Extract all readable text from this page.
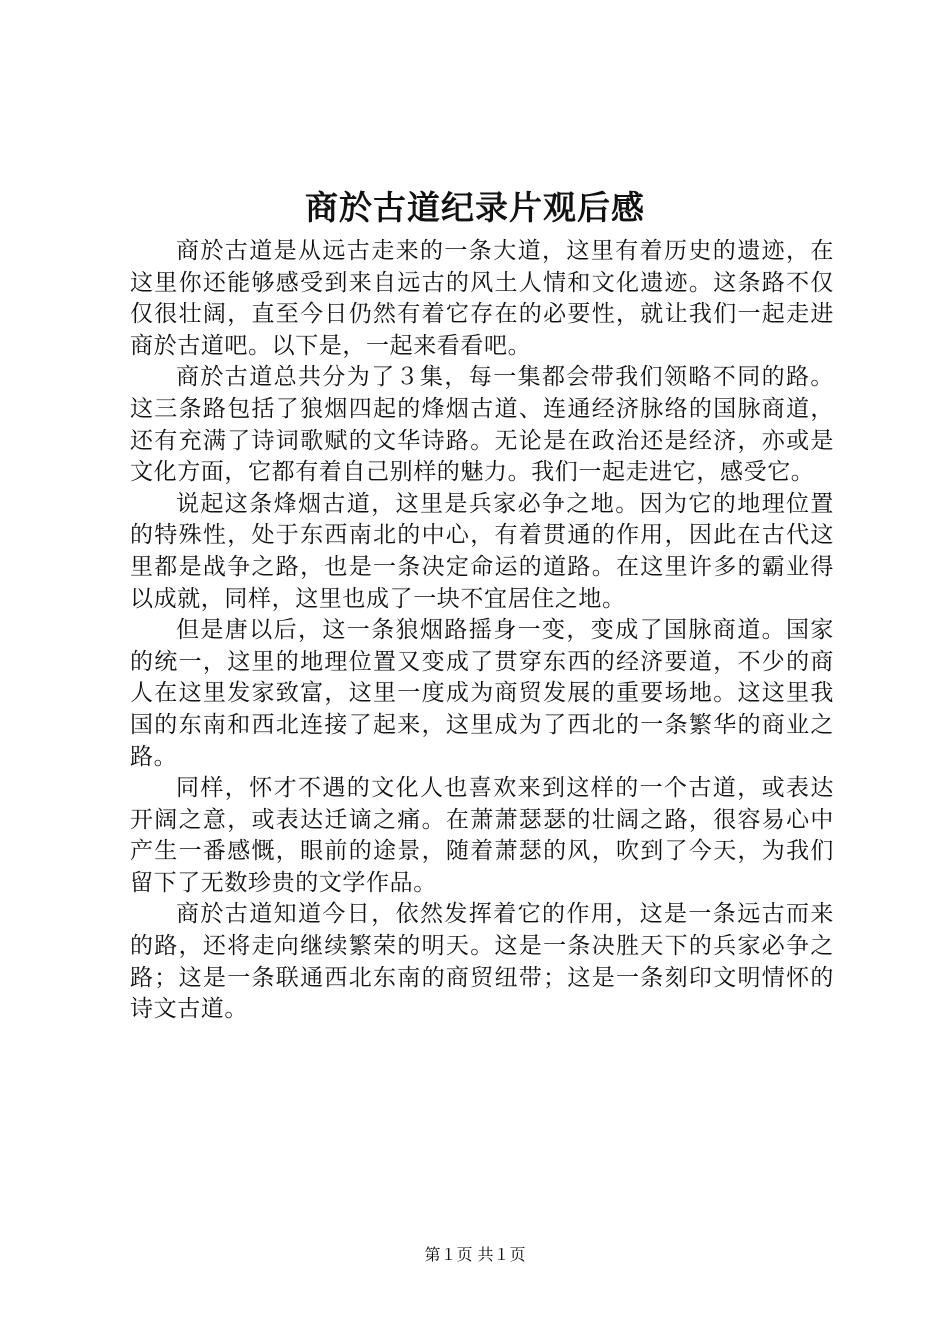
商於古道纪录片观后感

商於古道是从远古走来的一条大道，这里有着历史的遗迹，在这里你还能够感受到来自远古的风土人情和文化遗迹。这条路不仅仅很壮阔，直至今日仍然有着它存在的必要性，就让我们一起走进商於古道吧。以下是，一起来看看吧。

商於古道总共分为了３集，每一集都会带我们领略不同的路。这三条路包括了狼烟四起的烽烟古道、连通经济脉络的国脉商道，还有充满了诗词歌赋的文华诗路。无论是在政治还是经济，亦或是文化方面，它都有着自己别样的魅力。我们一起走进它，感受它。

说起这条烽烟古道，这里是兵家必争之地。因为它的地理位置的特殊性，处于东西南北的中心，有着贯通的作用，因此在古代这里都是战争之路，也是一条决定命运的道路。在这里许多的霸业得以成就，同样，这里也成了一块不宜居住之地。

但是唐以后，这一条狼烟路摇身一变，变成了国脉商道。国家的统一，这里的地理位置又变成了贯穿东西的经济要道，不少的商人在这里发家致富，这里一度成为商贸发展的重要场地。这这里我国的东南和西北连接了起来，这里成为了西北的一条繁华的商业之路。

同样，怀才不遇的文化人也喜欢来到这样的一个古道，或表达开阔之意，或表达迁谪之痛。在萧萧瑟瑟的壮阔之路，很容易心中产生一番感慨，眼前的途景，随着萧瑟的风，吹到了今天，为我们留下了无数珍贵的文学作品。

商於古道知道今日，依然发挥着它的作用，这是一条远古而来的路，还将走向继续繁荣的明天。这是一条决胜天下的兵家必争之路；这是一条联通西北东南的商贸纽带；这是一条刻印文明情怀的诗文古道。

第１页 共１页
